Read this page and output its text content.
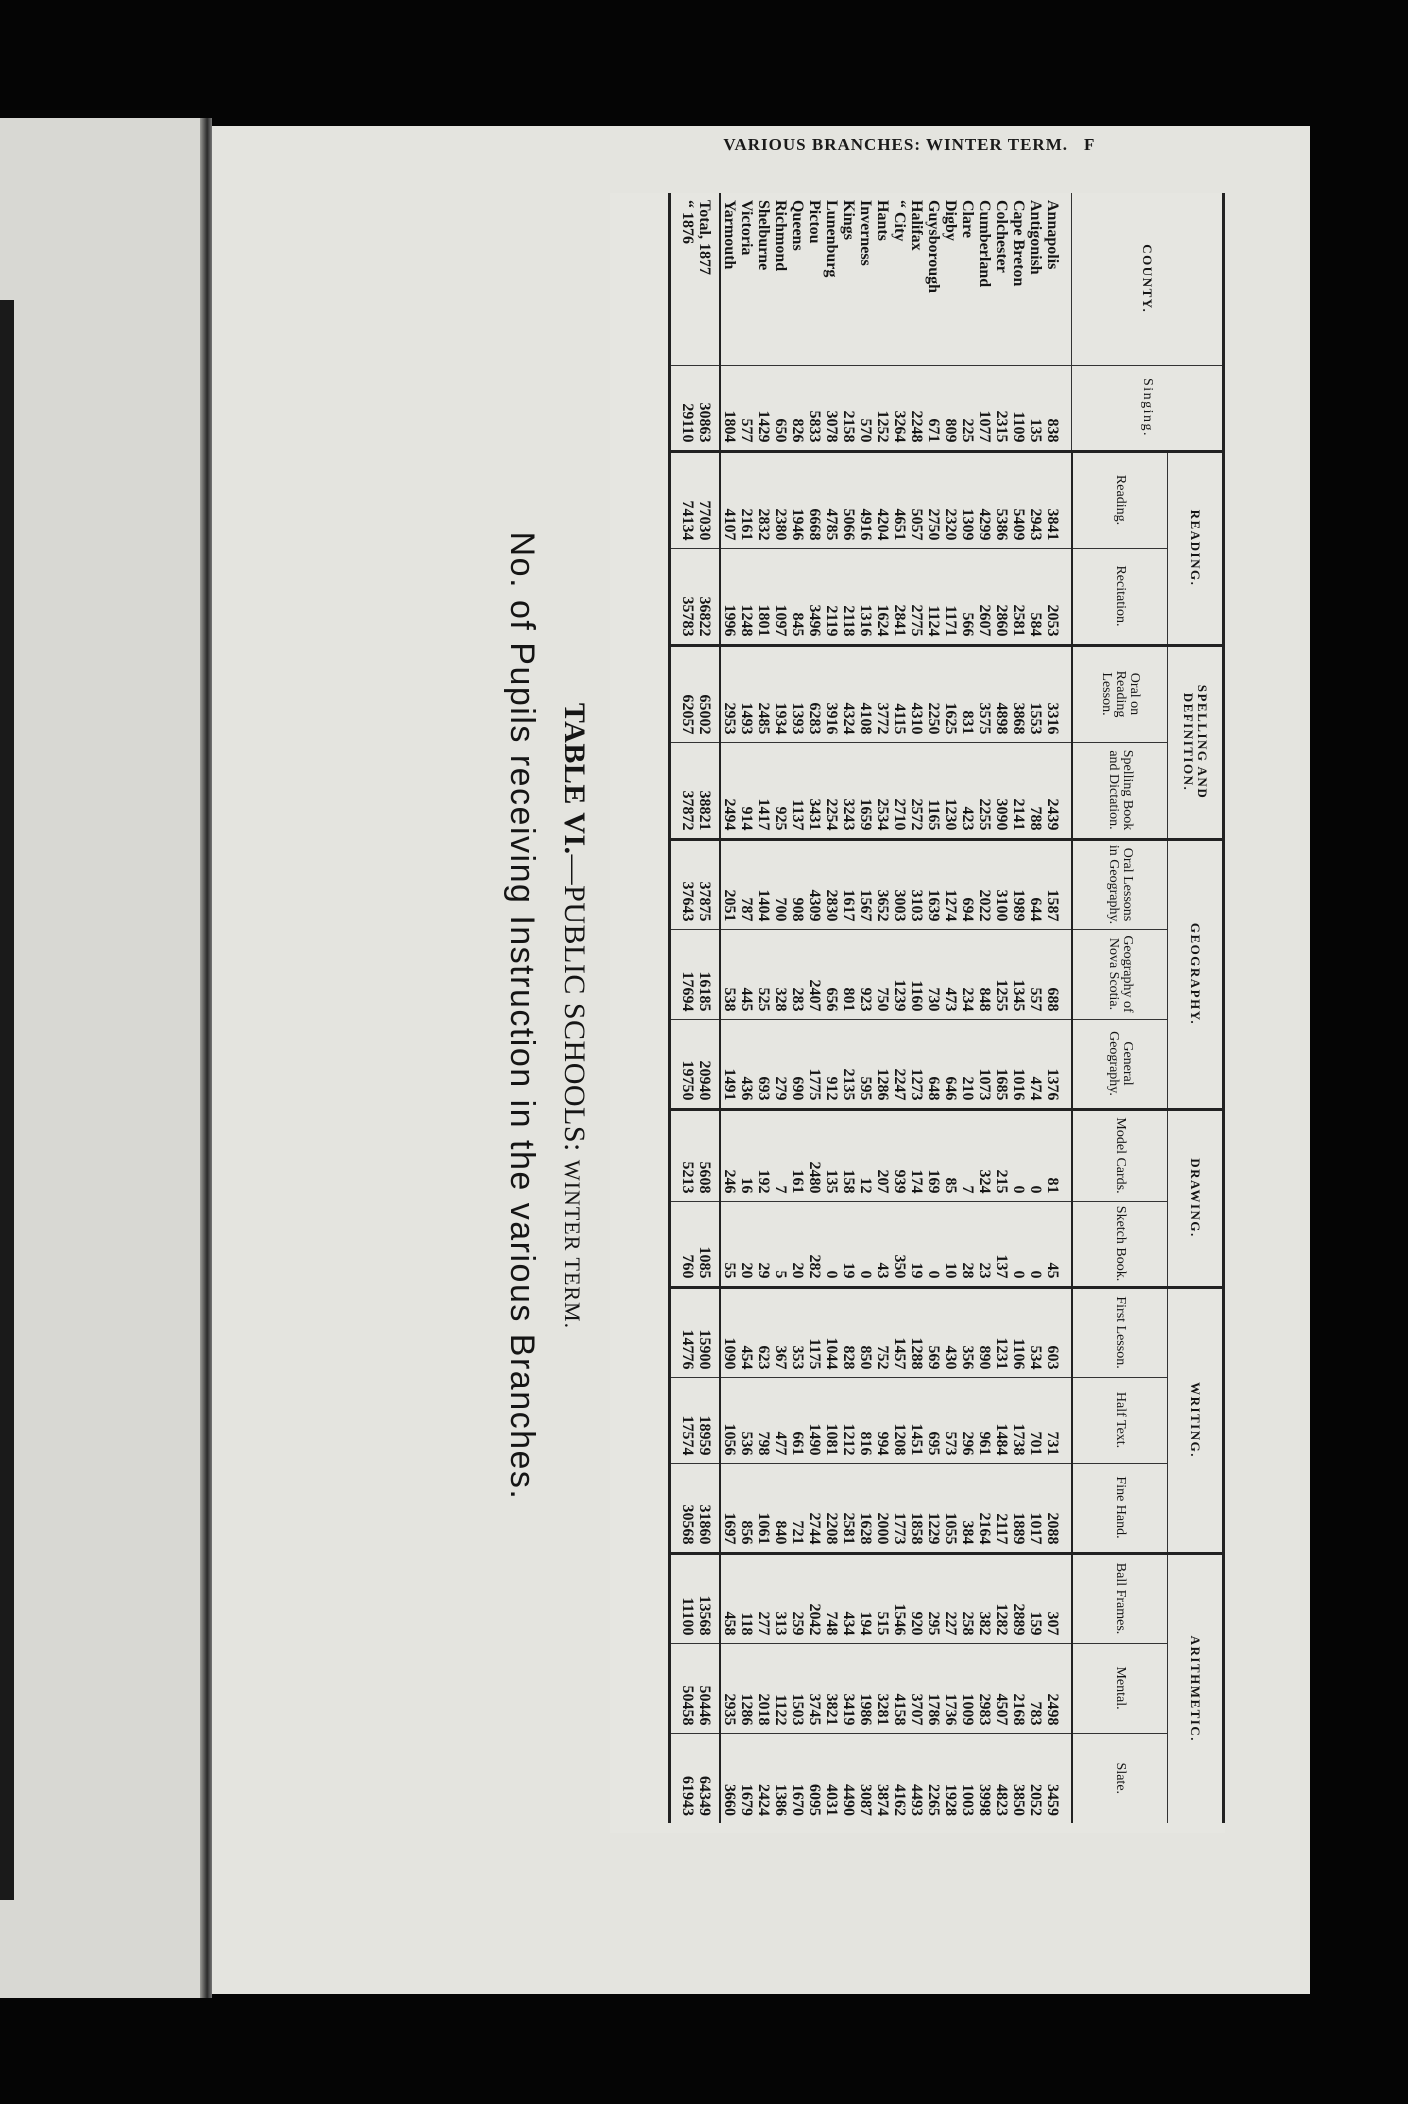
VARIOUS BRANCHES: WINTER TERM. F
TABLE VI.—PUBLIC SCHOOLS: WINTER TERM.
No. of Pupils receiving Instruction in the various Branches.
COUNTY.	Singing.	READING.		SPELLING AND DEFINITION.		GEOGRAPHY.			DRAWING.		WRITING.			ARITHMETIC.		
		Reading.	Recitation.	Oral on Reading Lesson.	Spelling Book and Dictation.	Oral Lessons in Geography.	Geography of Nova Scotia.	General Geography.	Model Cards.	Sketch Book.	First Lesson.	Half Text.	Fine Hand.	Ball Frames.	Mental.	Slate.
Annapolis	838	3841	2053	3316	2439	1587	688	1376	81	45	603	731	2088	307	2498	3459
Antigonish	135	2943	584	1553	788	644	557	474	0	0	534	701	1017	159	783	2052
Cape Breton	1109	5409	2581	3868	2141	1989	1345	1016	0	0	1106	1738	1889	2889	2168	3850
Colchester	2315	5386	2860	4898	3090	3100	1255	1685	215	137	1231	1484	2117	1282	4507	4823
Cumberland	1077	4299	2607	3575	2255	2022	848	1073	324	23	890	961	2164	382	2983	3998
Clare	225	1309	566	831	423	694	234	210	7	28	356	296	384	258	1009	1003
Digby	809	2320	1171	1625	1230	1274	473	646	85	10	430	573	1055	227	1736	1928
Guysborough	671	2750	1124	2250	1165	1639	730	648	169	0	569	695	1229	295	1786	2265
Halifax	2248	5057	2775	4310	2572	3103	1160	1273	174	19	1288	1451	1858	920	3707	4493
“ City	3264	4651	2841	4115	2710	3003	1239	2247	939	350	1457	1208	1773	1546	4158	4162
Hants	1252	4204	1624	3772	2534	3652	750	1286	207	43	752	994	2000	515	3281	3874
Inverness	570	4916	1316	4108	1659	1567	923	595	12	0	850	816	1628	194	1986	3087
Kings	2158	5066	2118	4324	3243	1617	801	2135	158	19	828	1212	2581	434	3419	4490
Lunenburg	3078	4785	2119	3916	2254	2830	656	912	135	0	1044	1081	2208	748	3821	4031
Pictou	5833	6668	3496	6283	3431	4309	2407	1775	2480	282	1175	1490	2744	2042	3745	6095
Queens	826	1946	845	1393	1137	908	283	690	161	20	353	661	721	259	1503	1670
Richmond	650	2380	1097	1934	925	700	328	279	7	5	367	477	840	313	1122	1386
Shelburne	1429	2832	1801	2485	1417	1404	525	693	192	29	623	798	1061	277	2018	2424
Victoria	577	2161	1248	1493	914	787	445	436	16	20	454	536	856	118	1286	1679
Yarmouth	1804	4107	1996	2953	2494	2051	538	1491	246	55	1090	1056	1697	458	2935	3660
Total, 1877	30863	77030	36822	65002	38821	37875	16185	20940	5608	1085	15900	18959	31860	13568	50446	64349
“ 1876	29110	74134	35783	62057	37872	37643	17694	19750	5213	760	14776	17574	30568	11100	50458	61943
